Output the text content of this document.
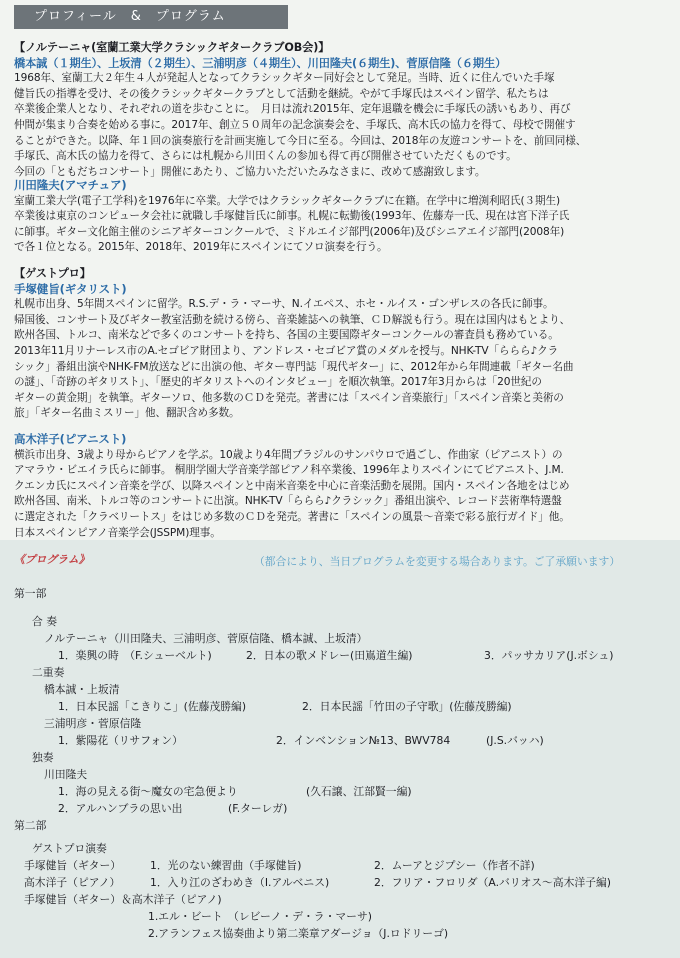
プロフィール　&　プログラム
【ノルテーニャ(室蘭工業大学クラシックギタークラブOB会)】
橋本誠（１期生）、上坂清（２期生）、三浦明彦（４期生）、川田隆夫(６期生)、菅原信隆（６期生）
1968年、室蘭工大２年生４人が発起人となってクラシックギター同好会として発足。当時、近くに住んでいた手塚
健旨氏の指導を受け、その後クラシックギタークラブとして活動を継続。やがて手塚氏はスペイン留学、私たちは
卒業後企業人となり、それぞれの道を歩むことに。　月日は流れ2015年、定年退職を機会に手塚氏の誘いもあり、再び
仲間が集まり合奏を始める事に。2017年、創立５０周年の記念演奏会を、手塚氏、高木氏の協力を得て、母校で開催す
ることができた。以降、年１回の演奏旅行を計画実施して今日に至る。今回は、2018年の友遊コンサートを、前回同様、
手塚氏、高木氏の協力を得て、さらには札幌から川田くんの参加も得て再び開催させていただくものです。
今回の「ともだちコンサート」開催にあたり、ご協力いただいたみなさまに、改めて感謝致します。
川田隆夫(アマチュア)
室蘭工業大学(電子工学科)を1976年に卒業。大学ではクラシックギタークラブに在籍。在学中に増渕利昭氏(３期生)
卒業後は東京のコンピュータ会社に就職し手塚健旨氏に師事。札幌に転勤後(1993年、佐藤寿一氏、現在は宮下洋子氏
に師事。ギター文化館主催のシニアギターコンクールで、ミドルエイジ部門(2006年)及びシニアエイジ部門(2008年)
で各１位となる。2015年、2018年、2019年にスペインにてソロ演奏を行う。
【ゲストプロ】
手塚健旨(ギタリスト)
札幌市出身、5年間スペインに留学。R.S.デ・ラ・マーサ、N.イエペス、ホセ・ルイス・ゴンザレスの各氏に師事。
帰国後、コンサート及びギター教室活動を続ける傍ら、音楽雑誌への執筆、ＣＤ解説も行う。現在は国内はもとより、
欧州各国、トルコ、南米などで多くのコンサートを持ち、各国の主要国際ギターコンクールの審査員も務めている。
2013年11月リナーレス市のA.セゴビア財団より、アンドレス・セゴビア賞のメダルを授与。NHK-TV「ららら♪クラ
シック」番組出演やNHK-FM放送などに出演の他、ギター専門誌「現代ギター」に、2012年から年間連載「ギター名曲
の謎」、「奇跡のギタリスト」、「歴史的ギタリストへのインタビュー」を順次執筆。2017年3月からは「20世紀の
ギターの黄金期」を執筆。ギターソロ、他多数のＣＤを発売。著書には「スペイン音楽旅行」「スペイン音楽と美術の
旅」「ギター名曲ミスリー」他、翻訳含め多数。
高木洋子(ピアニスト)
横浜市出身、3歳より母からピアノを学ぶ。10歳より4年間ブラジルのサンパウロで過ごし、作曲家（ピアニスト）の
アマラウ・ビエイラ氏らに師事。 桐朋学園大学音楽学部ピアノ科卒業後、1996年よりスペインにてピアニスト、J.M.
クエンカ氏にスペイン音楽を学び、以降スペインと中南米音楽を中心に音楽活動を展開。国内・スペイン各地をはじめ
欧州各国、南米、トルコ等のコンサートに出演。NHK-TV「ららら♪クラシック」番組出演や、レコード芸術準特選盤
に選定された「クラベリートス」をはじめ多数のＣＤを発売。著書に「スペインの風景～音楽で彩る旅行ガイド」他。
日本スペインピアノ音楽学会(JSSPM)理事。
《プログラム》	（都合により、当日プログラムを変更する場合あります。ご了承願います）
第一部
合 奏
ノルテーニャ（川田隆夫、三浦明彦、菅原信隆、橋本誠、上坂清）
1．楽興の時　（F.シューベルト)	2．日本の歌メドレー(田嶌道生編)	3．パッサカリア(J.ボシュ)
二重奏
橋本誠・上坂清
1．日本民謡「こきりこ」(佐藤茂勝編)	2．日本民謡「竹田の子守歌」(佐藤茂勝編)
三浦明彦・菅原信隆
1．紫陽花（リサフォン）	2．インベンション№13、BWV784	(J.S.バッハ)
独奏
川田隆夫
1．海の見える街～魔女の宅急便より	(久石譲、江部賢一編)
2．アルハンブラの思い出	(F.ターレガ)
第二部
ゲストプロ演奏
手塚健旨（ギター）	1．光のない練習曲（手塚健旨)	2．ムーアとジプシー（作者不詳)
高木洋子（ピアノ）	1．入り江のざわめき（I.アルベニス)	2．フリア・フロリダ（A.バリオス～高木洋子編)
手塚健旨（ギター）＆高木洋子（ピアノ)
1.エル・ビート　（レビーノ・デ・ラ・マーサ)
2.アランフェス協奏曲より第二楽章アダージョ（J.ロドリーゴ)
